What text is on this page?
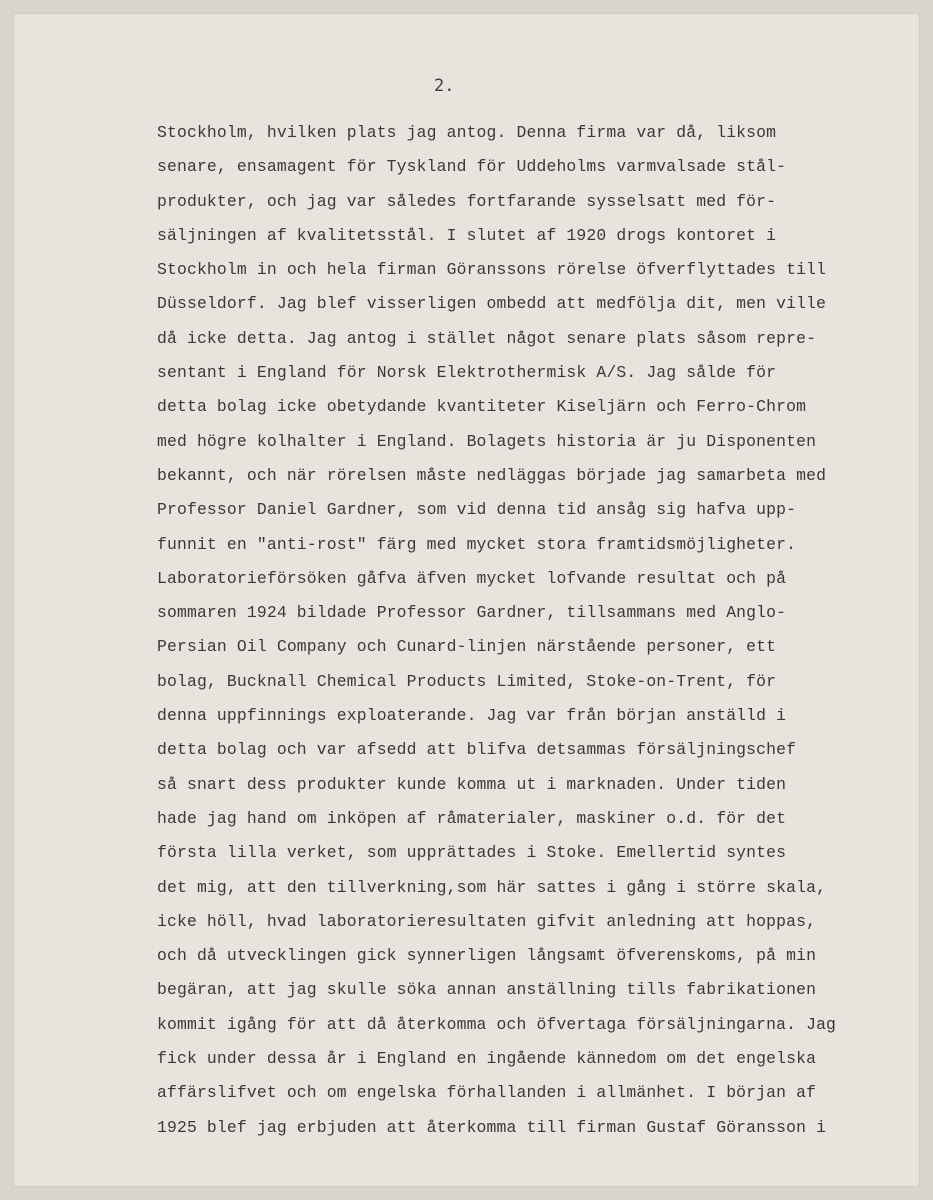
2.
Stockholm, hvilken plats jag antog. Denna firma var då, liksom
senare, ensamagent för Tyskland för Uddeholms varmvalsade stål-
produkter, och jag var således fortfarande sysselsatt med för-
säljningen af kvalitetsstål. I slutet af 1920 drogs kontoret i
Stockholm in och hela firman Göranssons rörelse öfverflyttades till
Düsseldorf. Jag blef visserligen ombedd att medfölja dit, men ville
då icke detta. Jag antog i stället något senare plats såsom repre-
sentant i England för Norsk Elektrothermisk A/S. Jag sålde för
detta bolag icke obetydande kvantiteter Kiseljärn och Ferro-Chrom
med högre kolhalter i England. Bolagets historia är ju Disponenten
bekannt, och när rörelsen måste nedläggas började jag samarbeta med
Professor Daniel Gardner, som vid denna tid ansåg sig hafva upp-
funnit en "anti-rost" färg med mycket stora framtidsmöjligheter.
Laboratorieförsöken gåfva äfven mycket lofvande resultat och på
sommaren 1924 bildade Professor Gardner, tillsammans med Anglo-
Persian Oil Company och Cunard-linjen närstående personer, ett
bolag, Bucknall Chemical Products Limited, Stoke-on-Trent, för
denna uppfinnings exploaterande. Jag var från början anställd i
detta bolag och var afsedd att blifva detsammas försäljningschef
så snart dess produkter kunde komma ut i marknaden. Under tiden
hade jag hand om inköpen af råmaterialer, maskiner o.d. för det
första lilla verket, som upprättades i Stoke. Emellertid syntes
det mig, att den tillverkning,som här sattes i gång i större skala,
icke höll, hvad laboratorieresultaten gifvit anledning att hoppas,
och då utvecklingen gick synnerligen långsamt öfverenskoms, på min
begäran, att jag skulle söka annan anställning tills fabrikationen
kommit igång för att då återkomma och öfvertaga försäljningarna. Jag
fick under dessa år i England en ingående kännedom om det engelska
affärslifvet och om engelska förhallanden i allmänhet. I början af
1925 blef jag erbjuden att återkomma till firman Gustaf Göransson i
